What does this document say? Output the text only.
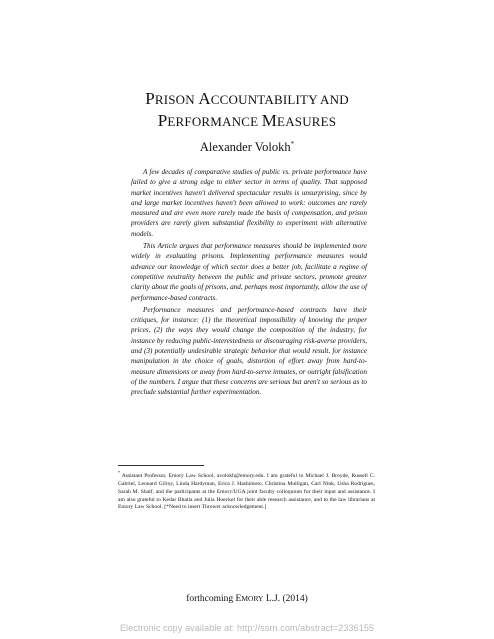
PRISON ACCOUNTABILITY AND
PERFORMANCE MEASURES
Alexander Volokh*

A few decades of comparative studies of public vs. private performance have failed to give a strong edge to either sector in terms of quality. That supposed market incentives haven't delivered spectacular results is unsurprising, since by and large market incentives haven't been allowed to work: outcomes are rarely measured and are even more rarely made the basis of compensation, and prison providers are rarely given substantial flexibility to experiment with alternative models.

This Article argues that performance measures should be implemented more widely in evaluating prisons. Implementing performance measures would advance our knowledge of which sector does a better job, facilitate a regime of competitive neutrality between the public and private sectors, promote greater clarity about the goals of prisons, and, perhaps most importantly, allow the use of performance-based contracts.

Performance measures and performance-based contracts have their critiques, for instance: (1) the theoretical impossibility of knowing the proper prices, (2) the ways they would change the composition of the industry, for instance by reducing public-interestedness or discouraging risk-averse providers, and (3) potentially undesirable strategic behavior that would result, for instance manipulation in the choice of goals, distortion of effort away from hard-to-measure dimensions or away from hard-to-serve inmates, or outright falsification of the numbers. I argue that these concerns are serious but aren't so serious as to preclude substantial further experimentation.

* Assistant Professor, Emory Law School, avolokh@emory.edu. I am grateful to Michael J. Broyde, Russell C. Gabriel, Leonard Gilroy, Linda Hardyman, Erica J. Hashimoto, Christina Mulligan, Carl Nink, Usha Rodrigues, Sarah M. Shalf, and the participants at the Emory/UGA joint faculty colloquium for their input and assistance. I am also grateful to Kedar Bhatia and Julia Hoeckel for their able research assistance, and to the law librarians at Emory Law School. [*Need to insert Thrower acknowledgement.]
forthcoming EMORY L.J. (2014)
Electronic copy available at: http://ssrn.com/abstract=2336155
